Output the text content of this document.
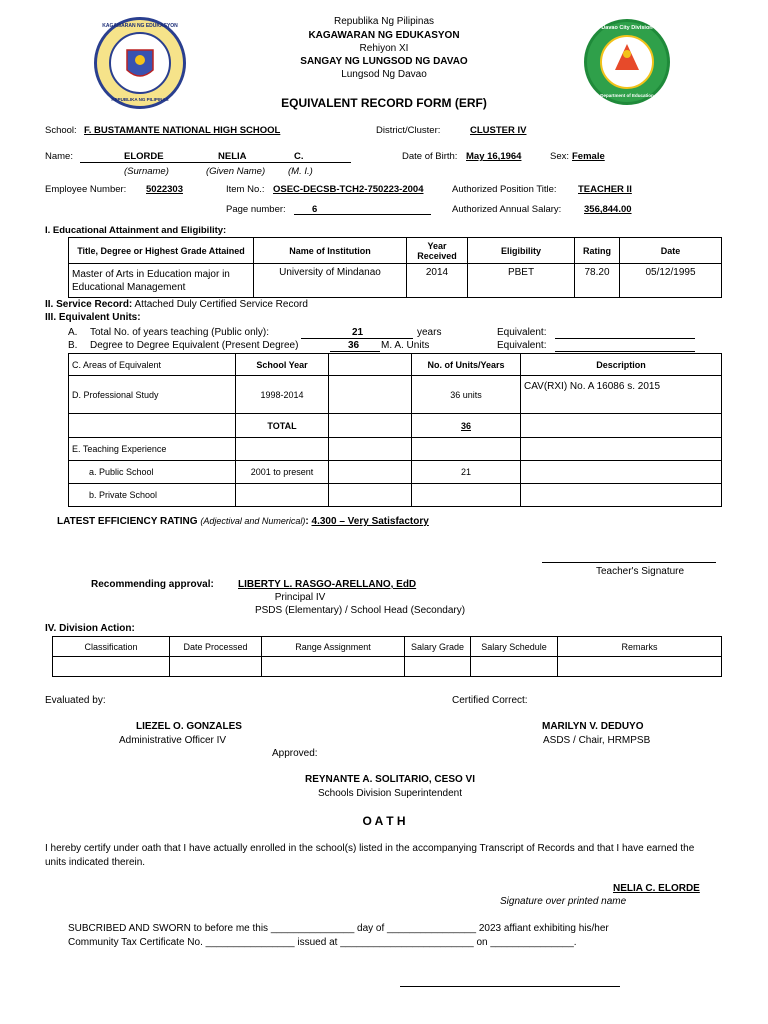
KAGAWARAN NG EDUKASYON
REPUBLIKA NG PILIPINAS
Davao City Division
Department of Education
Republika Ng Pilipinas
KAGAWARAN NG EDUKASYON
Rehiyon XI
SANGAY NG LUNGSOD NG DAVAO
Lungsod Ng Davao
EQUIVALENT RECORD FORM (ERF)
School: F. BUSTAMANTE NATIONAL HIGH SCHOOL	District/Cluster:	CLUSTER IV
Name:	ELORDE	NELIA	C.
(Surname)	(Given Name) (M. I.)
Date of Birth: May 16,1964	Sex: Female
Employee Number: 5022303	Item No.: OSEC-DECSB-TCH2-750223-2004	Authorized Position Title: TEACHER II
Page number:	6	Authorized Annual Salary: 356,844.00
I. Educational Attainment and Eligibility:
Title, Degree or Highest Grade Attained	Name of Institution	Year Received	Eligibility	Rating	Date
Master of Arts in Education major in Educational Management	University of Mindanao	2014	PBET	78.20	05/12/1995
II. Service Record: Attached Duly Certified Service Record
III. Equivalent Units:
A. Total No. of years teaching (Public only):	21	years	Equivalent:
B. Degree to Degree Equivalent (Present Degree)	36 M. A. Units	Equivalent:
C. Areas of Equivalent	School Year		No. of Units/Years	Description
D. Professional Study	1998-2014		36 units	CAV(RXI) No. A 16086 s. 2015
	TOTAL		36	
E. Teaching Experience				
a. Public School	2001 to present		21	
b. Private School				
LATEST EFFICIENCY RATING (Adjectival and Numerical): 4.300 – Very Satisfactory
Teacher's Signature
Recommending approval: LIBERTY L. RASGO-ARELLANO, EdD
Principal IV
PSDS (Elementary) / School Head (Secondary)
IV. Division Action:
Classification	Date Processed	Range Assignment	Salary Grade	Salary Schedule	Remarks

Evaluated by:	Certified Correct:
LIEZEL O. GONZALES
Administrative Officer IV
MARILYN V. DEDUYO
ASDS / Chair, HRMPSB
Approved:
REYNANTE A. SOLITARIO, CESO VI
Schools Division Superintendent
O A T H
I hereby certify under oath that I have actually enrolled in the school(s) listed in the accompanying Transcript of Records and that I have earned the units indicated therein.
NELIA C. ELORDE
Signature over printed name
SUBCRIBED AND SWORN to before me this _______________ day of ________________ 2023 affiant exhibiting his/her
Community Tax Certificate No. ________________ issued at ________________________ on _______________.
